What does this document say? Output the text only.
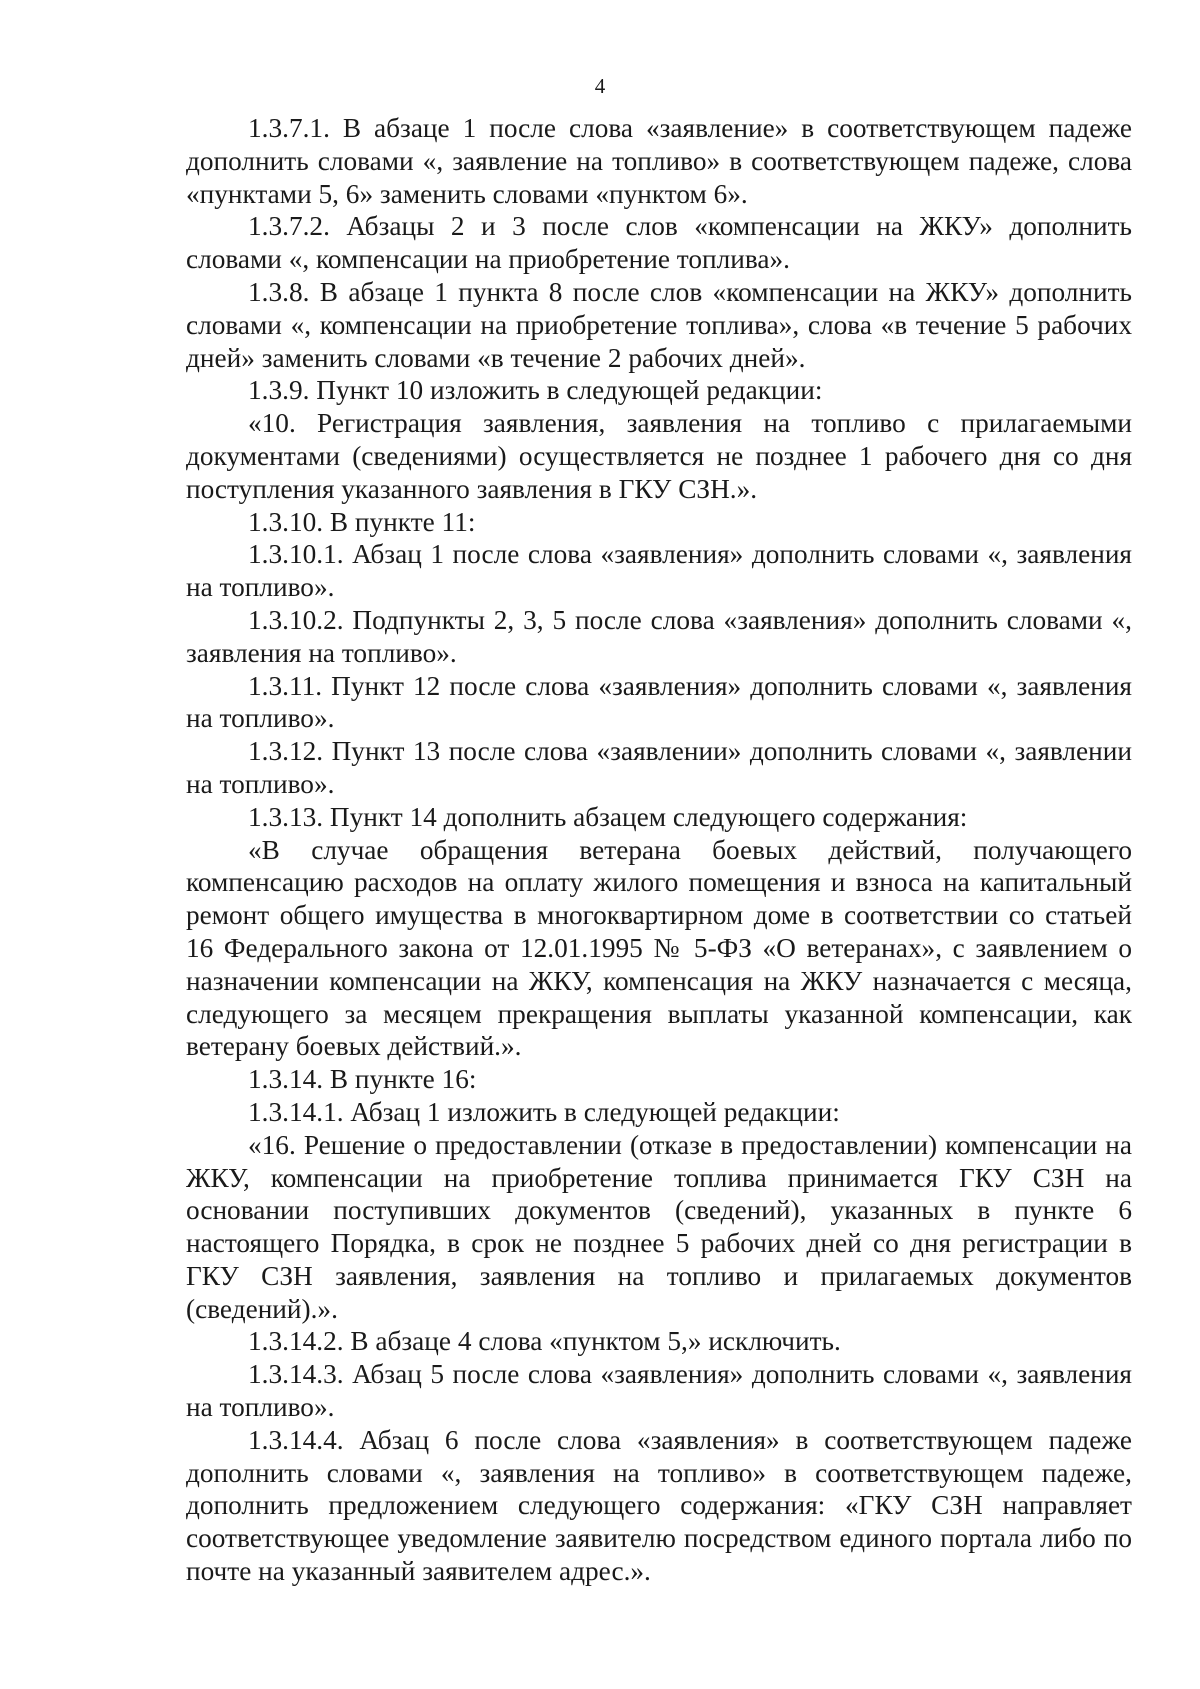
4

1.3.7.1. В абзаце 1 после слова «заявление» в соответствующем падеже дополнить словами «, заявление на топливо» в соответствующем падеже, слова «пунктами 5, 6» заменить словами «пунктом 6».

1.3.7.2. Абзацы 2 и 3 после слов «компенсации на ЖКУ» дополнить словами «, компенсации на приобретение топлива».

1.3.8. В абзаце 1 пункта 8 после слов «компенсации на ЖКУ» дополнить словами «, компенсации на приобретение топлива», слова «в течение 5 рабочих дней» заменить словами «в течение 2 рабочих дней».

1.3.9. Пункт 10 изложить в следующей редакции:

«10. Регистрация заявления, заявления на топливо с прилагаемыми документами (сведениями) осуществляется не позднее 1 рабочего дня со дня поступления указанного заявления в ГКУ СЗН.».

1.3.10. В пункте 11:

1.3.10.1. Абзац 1 после слова «заявления» дополнить словами «, заявления на топливо».

1.3.10.2. Подпункты 2, 3, 5 после слова «заявления» дополнить словами «, заявления на топливо».

1.3.11. Пункт 12 после слова «заявления» дополнить словами «, заявления на топливо».

1.3.12. Пункт 13 после слова «заявлении» дополнить словами «, заявлении на топливо».

1.3.13. Пункт 14 дополнить абзацем следующего содержания:

«В случае обращения ветерана боевых действий, получающего компенсацию расходов на оплату жилого помещения и взноса на капитальный ремонт общего имущества в многоквартирном доме в соответствии со статьей 16 Федерального закона от 12.01.1995 № 5-ФЗ «О ветеранах», с заявлением о назначении компенсации на ЖКУ, компенсация на ЖКУ назначается с месяца, следующего за месяцем прекращения выплаты указанной компенсации, как ветерану боевых действий.».

1.3.14. В пункте 16:

1.3.14.1. Абзац 1 изложить в следующей редакции:

«16. Решение о предоставлении (отказе в предоставлении) компенсации на ЖКУ, компенсации на приобретение топлива принимается ГКУ СЗН на основании поступивших документов (сведений), указанных в пункте 6 настоящего Порядка, в срок не позднее 5 рабочих дней со дня регистрации в ГКУ СЗН заявления, заявления на топливо и прилагаемых документов (сведений).».

1.3.14.2. В абзаце 4 слова «пунктом 5,» исключить.

1.3.14.3. Абзац 5 после слова «заявления» дополнить словами «, заявления на топливо».

1.3.14.4. Абзац 6 после слова «заявления» в соответствующем падеже дополнить словами «, заявления на топливо» в соответствующем падеже, дополнить предложением следующего содержания: «ГКУ СЗН направляет соответствующее уведомление заявителю посредством единого портала либо по почте на указанный заявителем адрес.».
